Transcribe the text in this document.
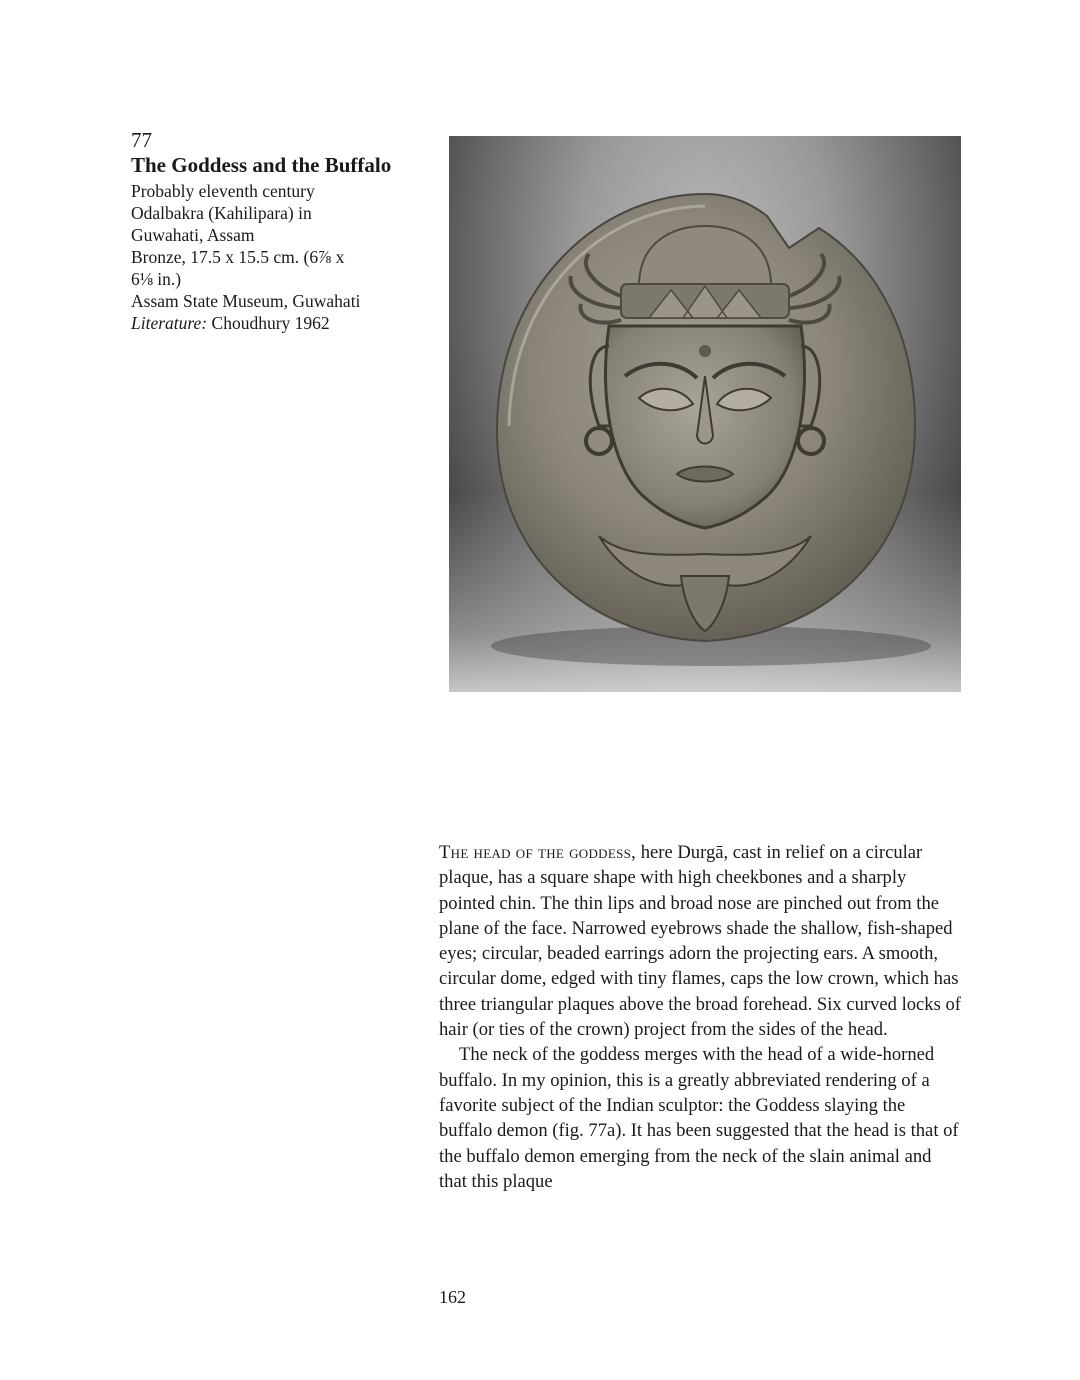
77
The Goddess and the Buffalo
Probably eleventh century
Odalbakra (Kahilipara) in
Guwahati, Assam
Bronze, 17.5 x 15.5 cm. (6⅞ x
6⅛ in.)
Assam State Museum, Guwahati
Literature: Choudhury 1962

The head of the goddess, here Durgā, cast in relief on a circular plaque, has a square shape with high cheekbones and a sharply pointed chin. The thin lips and broad nose are pinched out from the plane of the face. Narrowed eyebrows shade the shallow, fish-shaped eyes; circular, beaded earrings adorn the projecting ears. A smooth, circular dome, edged with tiny flames, caps the low crown, which has three triangular plaques above the broad forehead. Six curved locks of hair (or ties of the crown) project from the sides of the head.

The neck of the goddess merges with the head of a wide-horned buffalo. In my opinion, this is a greatly abbreviated rendering of a favorite subject of the Indian sculptor: the Goddess slaying the buffalo demon (fig. 77a). It has been suggested that the head is that of the buffalo demon emerging from the neck of the slain animal and that this plaque

162
